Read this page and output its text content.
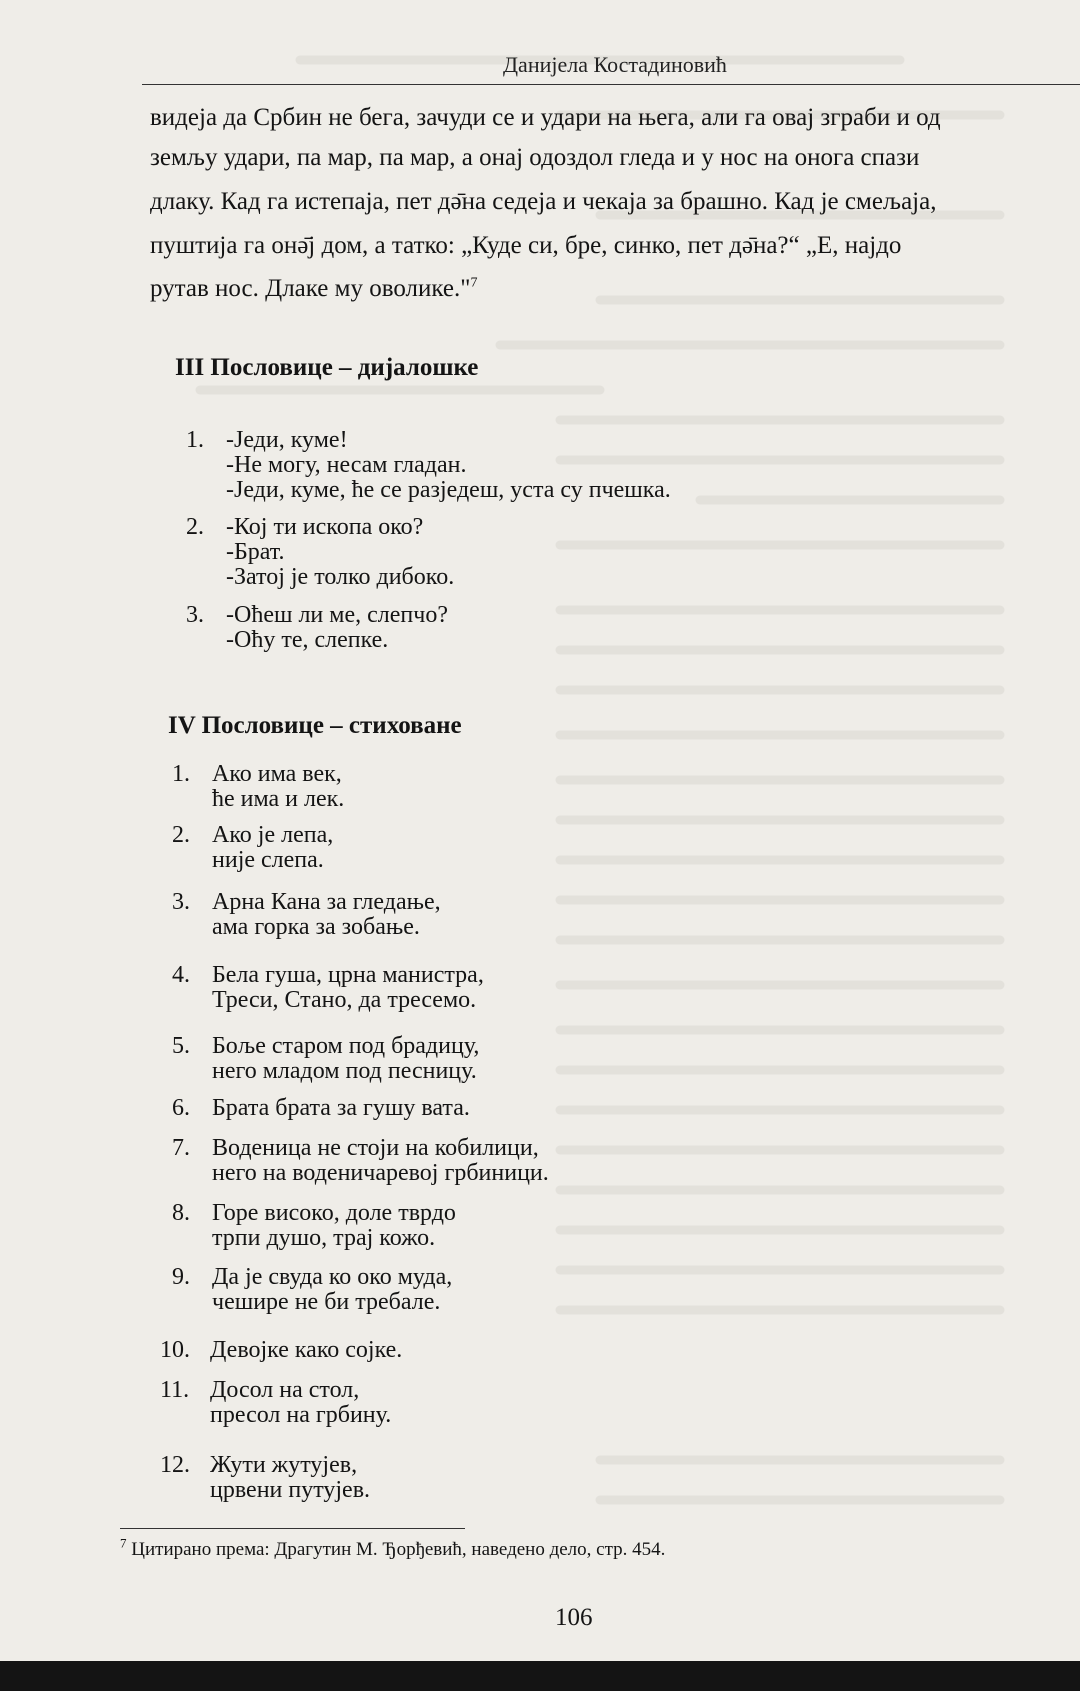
Данијела Костадиновић
видеја да Србин не бега, зачуди се и удари на њега, али га овај зграби и од
земљу удари, па мар, па мар, а онај одоздол гледа и у нос на онога спази
длаку. Кад га истепаја, пет дə̄на седеја и чекаја за брашно. Кад је смељаја,
пуштија га онə̄ј дом, а татко: „Куде си, бре, синко, пет дə̄на?“ „Е, најдо
рутав нос. Длаке му оволике."$^7$
III Пословице – дијалошке
1. -Једи, куме!
-Не могу, несам гладан.
-Једи, куме, ће се разједеш, уста су пчешка.
2. -Кој ти ископа око?
-Брат.
-Затој је толко дибоко.
3. -Оћеш ли ме, слепчо?
-Оћу те, слепке.
IV Пословице – стиховане
1. Ако има век,
ће има и лек.
2. Ако је лепа,
није слепа.
3. Арна Кана за гледање,
ама горка за зобање.
4. Бела гуша, црна манистра,
Треси, Стано, да тресемо.
5. Боље старом под брадицу,
него младом под песницу.
6. Брата брата за гушу вата.
7. Воденица не стоји на кобилици,
него на воденичаревој грбиници.
8. Горе високо, доле тврдо
трпи душо, трај кожо.
9. Да је свуда ко око муда,
чешире не би требале.
10. Девојке како сојке.
11. Досол на стол,
пресол на грбину.
12. Жути жутујев,
црвени путујев.
$^7$ Цитирано према: Драгутин М. Ђорђевић, наведено дело, стр. 454.
106
